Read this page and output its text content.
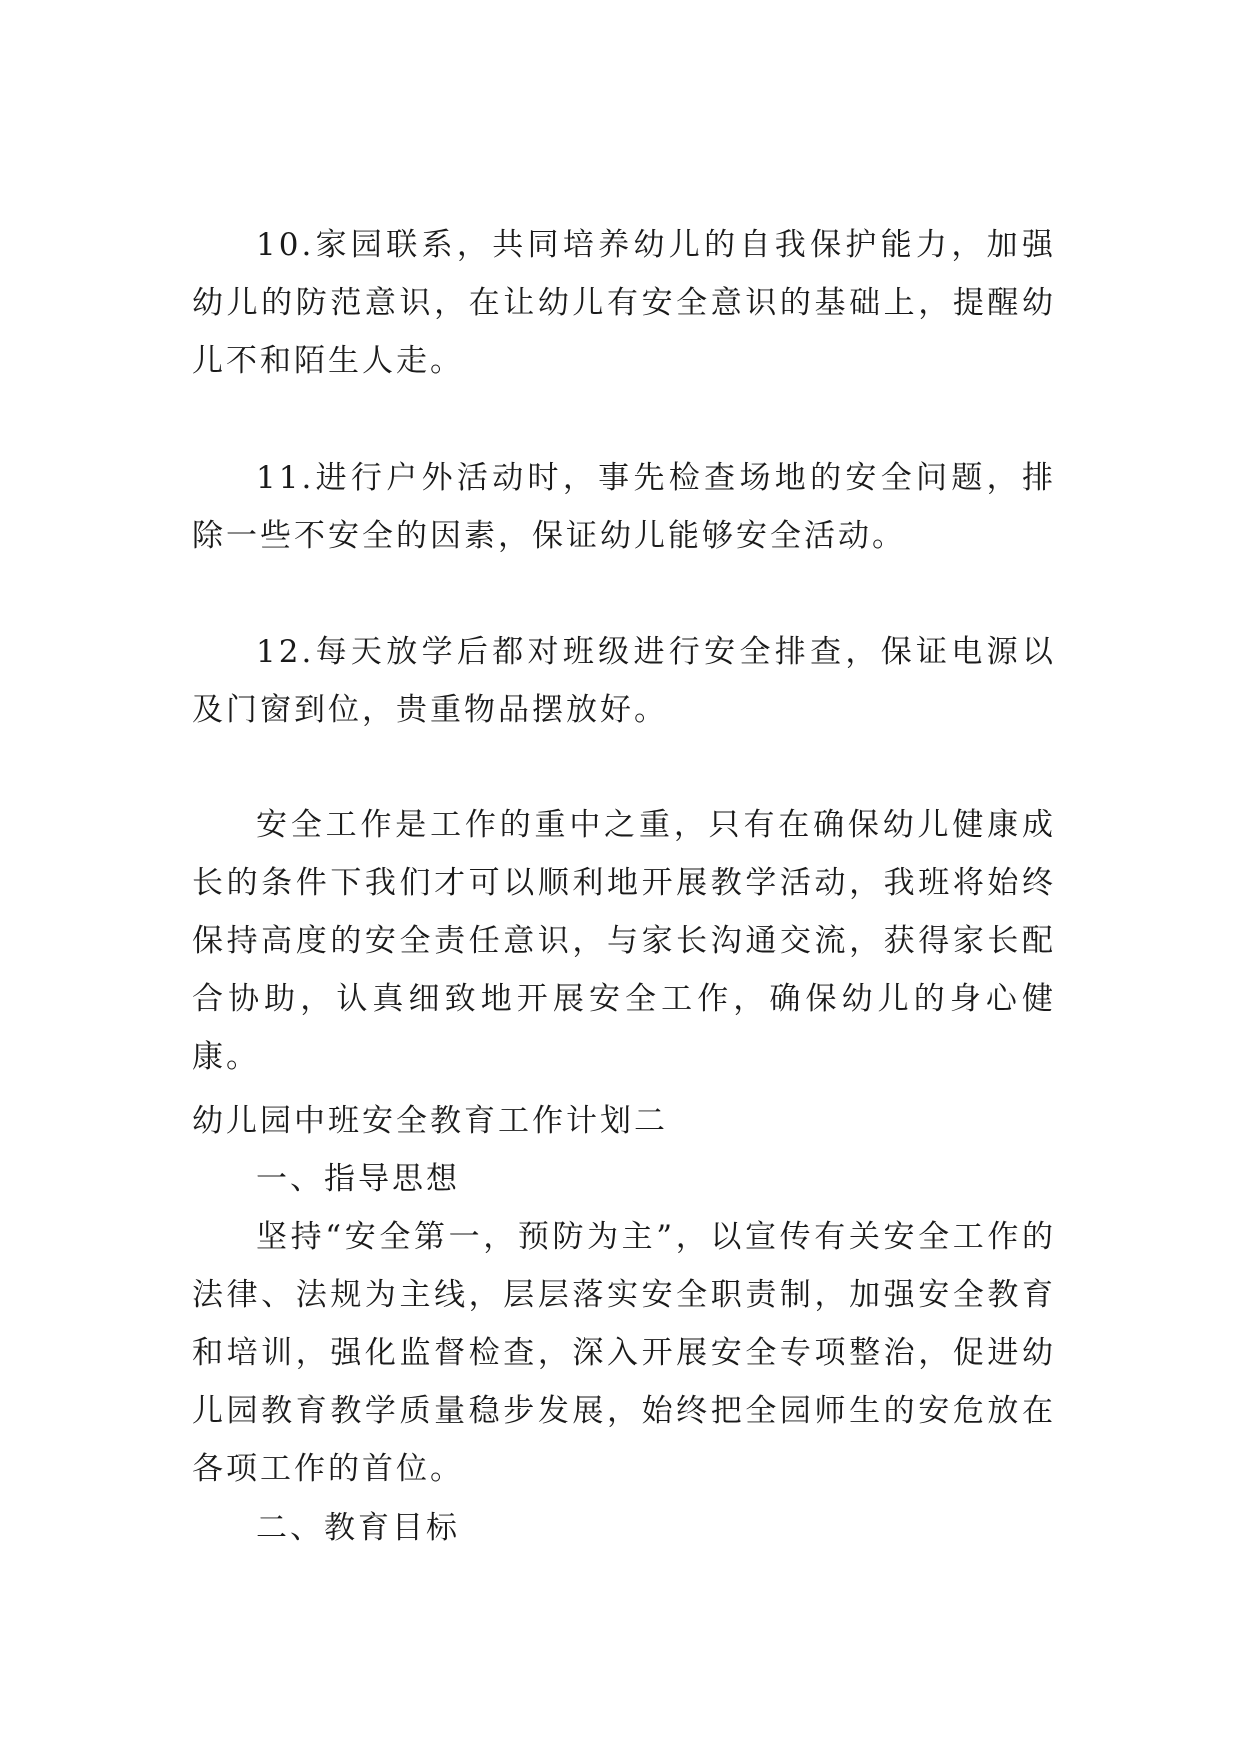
10.家园联系，共同培养幼儿的自我保护能力，加强幼儿的防范意识，在让幼儿有安全意识的基础上，提醒幼儿不和陌生人走。

11.进行户外活动时，事先检查场地的安全问题，排除一些不安全的因素，保证幼儿能够安全活动。

12.每天放学后都对班级进行安全排查，保证电源以及门窗到位，贵重物品摆放好。

安全工作是工作的重中之重，只有在确保幼儿健康成长的条件下我们才可以顺利地开展教学活动，我班将始终保持高度的安全责任意识，与家长沟通交流，获得家长配合协助，认真细致地开展安全工作，确保幼儿的身心健康。

幼儿园中班安全教育工作计划二

一、指导思想

坚持“安全第一，预防为主”，以宣传有关安全工作的法律、法规为主线，层层落实安全职责制，加强安全教育和培训，强化监督检查，深入开展安全专项整治，促进幼儿园教育教学质量稳步发展，始终把全园师生的安危放在各项工作的首位。

二、教育目标
